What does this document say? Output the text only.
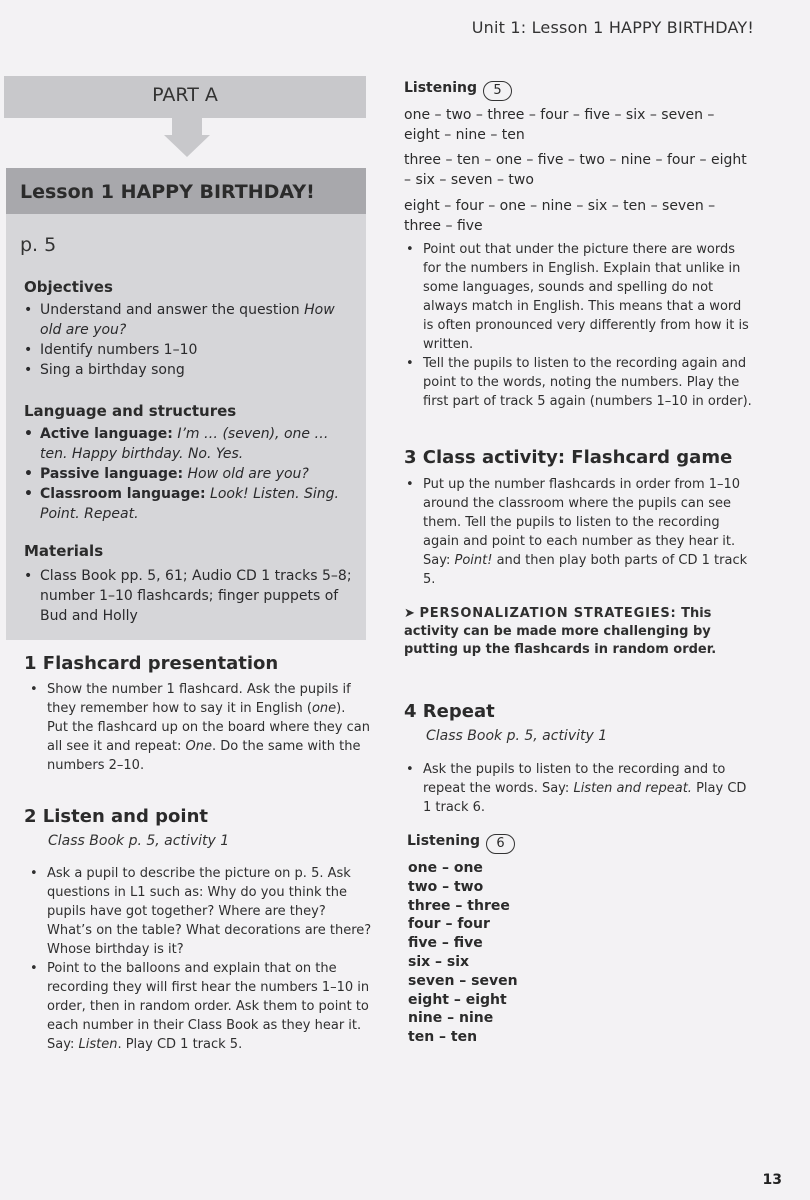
Unit 1: Lesson 1 HAPPY BIRTHDAY!
PART A
Lesson 1 HAPPY BIRTHDAY!
p. 5
Objectives
• Understand and answer the question How old are you?
• Identify numbers 1–10
• Sing a birthday song
Language and structures
• Active language: I’m … (seven), one … ten. Happy birthday. No. Yes.
• Passive language: How old are you?
• Classroom language: Look! Listen. Sing. Point. Repeat.
Materials
• Class Book pp. 5, 61; Audio CD 1 tracks 5–8; number 1–10 flashcards; finger puppets of Bud and Holly
1 Flashcard presentation
• Show the number 1 flashcard. Ask the pupils if they remember how to say it in English (one). Put the flashcard up on the board where they can all see it and repeat: One. Do the same with the numbers 2–10.
2 Listen and point
Class Book p. 5, activity 1
• Ask a pupil to describe the picture on p. 5. Ask questions in L1 such as: Why do you think the pupils have got together? Where are they? What’s on the table? What decorations are there? Whose birthday is it?
• Point to the balloons and explain that on the recording they will first hear the numbers 1–10 in order, then in random order. Ask them to point to each number in their Class Book as they hear it. Say: Listen. Play CD 1 track 5.
Listening 5
one – two – three – four – five – six – seven – eight – nine – ten
three – ten – one – five – two – nine – four – eight – six – seven – two
eight – four – one – nine – six – ten – seven – three – five
• Point out that under the picture there are words for the numbers in English. Explain that unlike in some languages, sounds and spelling do not always match in English. This means that a word is often pronounced very differently from how it is written.
• Tell the pupils to listen to the recording again and point to the words, noting the numbers. Play the first part of track 5 again (numbers 1–10 in order).
3 Class activity: Flashcard game
• Put up the number flashcards in order from 1–10 around the classroom where the pupils can see them. Tell the pupils to listen to the recording again and point to each number as they hear it. Say: Point! and then play both parts of CD 1 track 5.
➤ PERSONALIZATION STRATEGIES: This activity can be made more challenging by putting up the flashcards in random order.
4 Repeat
Class Book p. 5, activity 1
• Ask the pupils to listen to the recording and to repeat the words. Say: Listen and repeat. Play CD 1 track 6.
Listening 6
one – one
two – two
three – three
four – four
five – five
six – six
seven – seven
eight – eight
nine – nine
ten – ten
13
